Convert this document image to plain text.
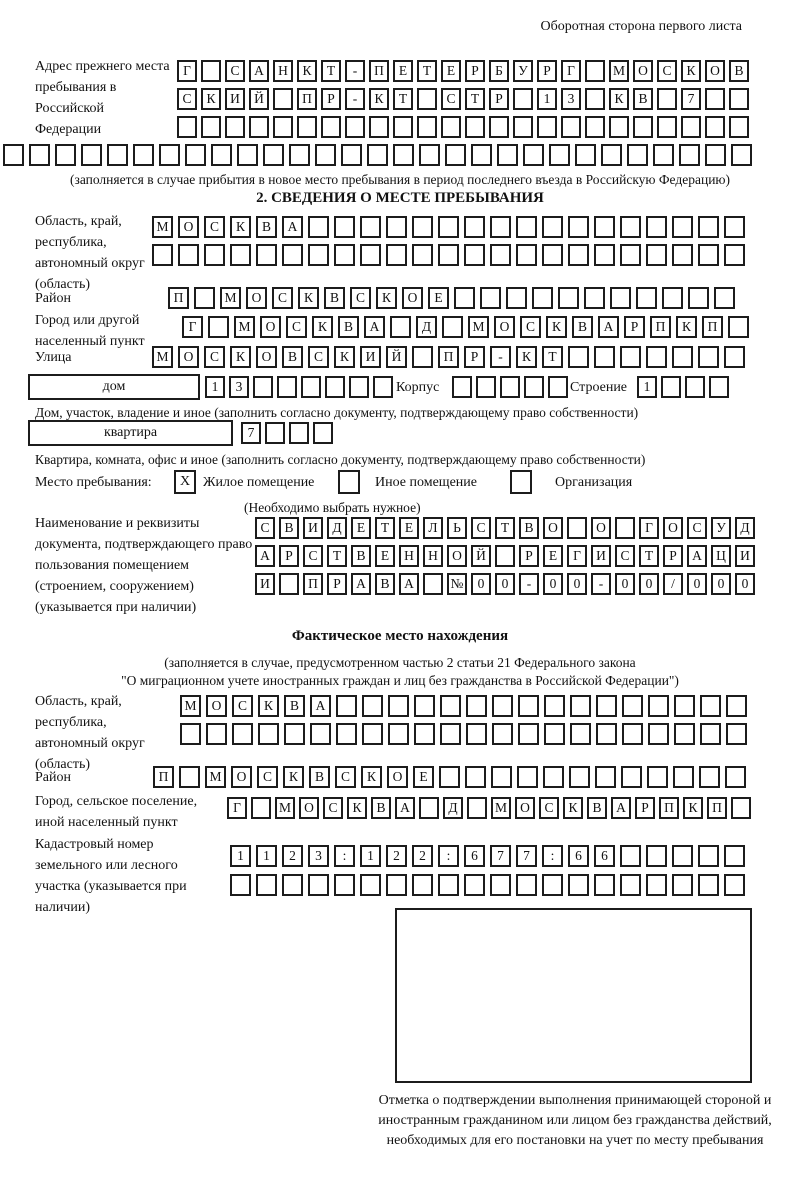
Оборотная сторона первого листа
Адрес прежнего места пребывания в Российской Федерации
Г	С	А	Н	К	Т	-	П	Е	Т	Е	Р	Б	У	Р	Г	М О	С	К	О	В
С	К	И	Й	П	Р	-	К	Т	С	Т	Р	1	3	К	В	7
(заполняется в случае прибытия в новое место пребывания в период последнего въезда в Российскую Федерацию)
2. СВЕДЕНИЯ О МЕСТЕ ПРЕБЫВАНИЯ
Область, край, республика, автономный округ (область)
М	О	С	К	В	А
Район	П	М	О	С	К	В	С	К	О	Е
Город или другой населенный пункт
Г	М	О	С	К	В	А	Д	М	О	С	К	В	А	Р	П	К	П
Улица	М	О	С	К	О	В	С	К	И	Й	П	Р	-	К	Т
дом	1	3	Корпус	Строение	1
Дом, участок, владение и иное (заполнить согласно документу, подтверждающему право собственности)
квартира	7
Квартира, комната, офис и иное (заполнить согласно документу, подтверждающему право собственности)
Место пребывания:	X Жилое помещение	Иное помещение	Организация
(Необходимо выбрать нужное)
Наименование и реквизиты документа, подтверждающего право пользования помещением (строением, сооружением) (указывается при наличии)
С	В	И	Д	Е	Т	Е	Л	Ь	С	Т	В	О	О	Г	О	С	У	Д
А	Р	С	Т	В	Е	Н	Н	О	Й	Р	Е	Г	И	С	Т	Р	А	Ц	И
И	П	Р	А	В	А	№	0	0	-	0	0	-	0	0	/	0	0	0
Фактическое место нахождения
(заполняется в случае, предусмотренном частью 2 статьи 21 Федерального закона
"О миграционном учете иностранных граждан и лиц без гражданства в Российской Федерации")
Область, край, республика, автономный округ (область)
М	О	С	К	В	А
Район	П	М	О	С	К	В	С	К	О	Е
Город, сельское поселение, иной населенный пункт
Г	М О	С	К	В	А	Д	М О	С	К	В	А	Р	П	К	П
Кадастровый номер земельного или лесного участка (указывается при наличии)
1	1	2	3	:	1	2	2	:	6	7	7	:	6	6
Отметка о подтверждении выполнения принимающей стороной и иностранным гражданином или лицом без гражданства действий, необходимых для его постановки на учет по месту пребывания
